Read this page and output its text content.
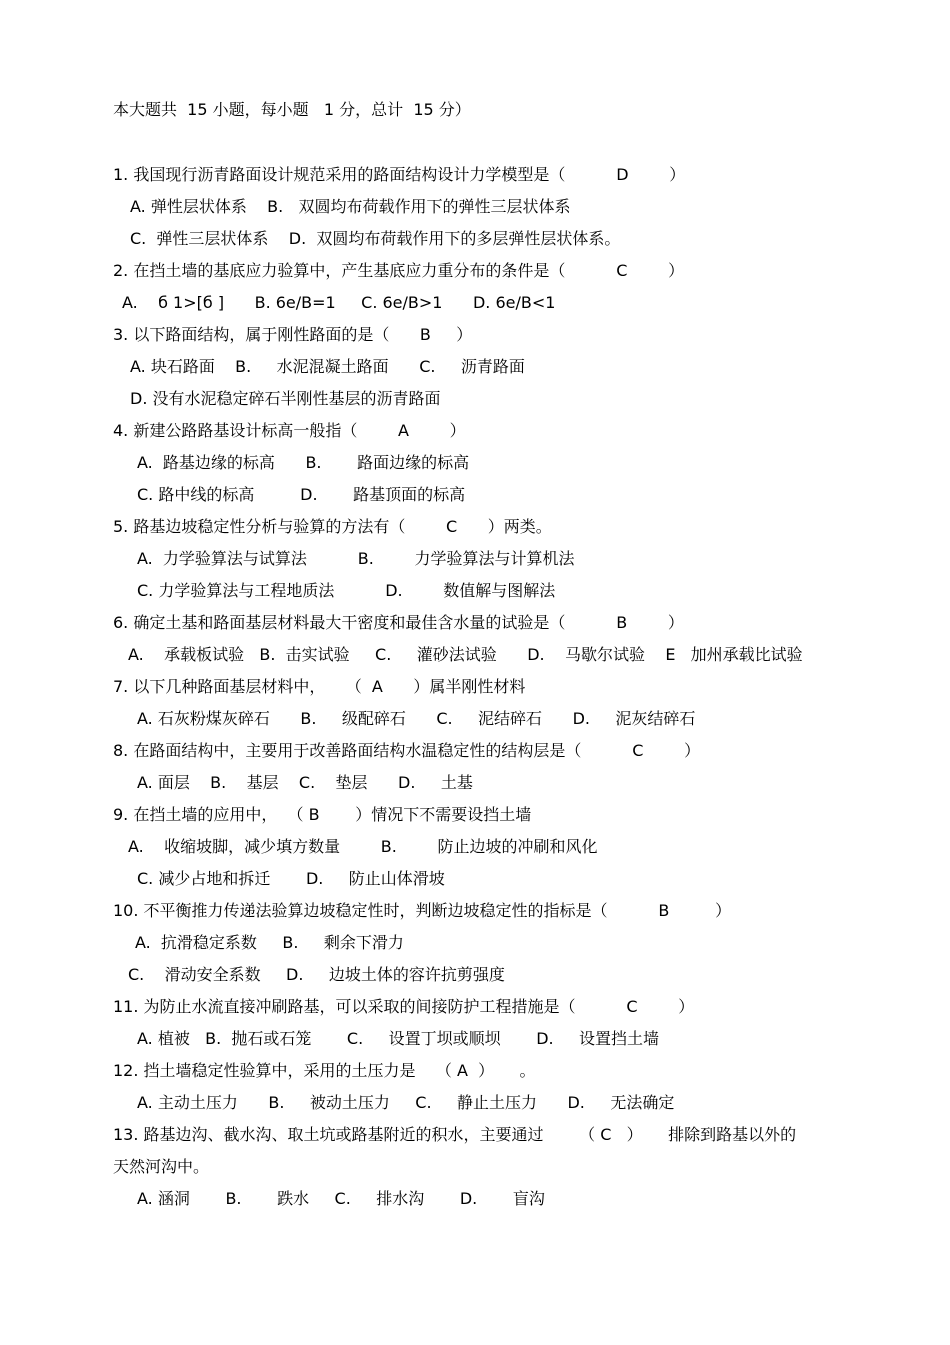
本大题共  15 小题，每小题   1 分，总计  15 分）

1. 我国现行沥青路面设计规范采用的路面结构设计力学模型是（          D        ）

A. 弹性层状体系    B.   双圆均布荷载作用下的弹性三层状体系

C.  弹性三层状体系    D.  双圆均布荷载作用下的多层弹性层状体系。

2. 在挡土墙的基底应力验算中，产生基底应力重分布的条件是（          C        ）

A.    б 1>[б ]      B. 6e/B=1     C. 6e/B>1      D. 6e/B<1

3. 以下路面结构，属于刚性路面的是（      B     ）

A. 块石路面    B.     水泥混凝土路面      C.     沥青路面

D. 没有水泥稳定碎石半刚性基层的沥青路面

4. 新建公路路基设计标高一般指（        A        ）

A.  路基边缘的标高      B.       路面边缘的标高

C. 路中线的标高         D.       路基顶面的标高

5. 路基边坡稳定性分析与验算的方法有（        C      ）两类。

A.  力学验算法与试算法          B.        力学验算法与计算机法

C. 力学验算法与工程地质法          D.        数值解与图解法

6. 确定土基和路面基层材料最大干密度和最佳含水量的试验是（          B        ）

A.    承载板试验   B.  击实试验     C.     灌砂法试验      D.    马歇尔试验    E   加州承载比试验

7. 以下几种路面基层材料中，    （  A      ）属半刚性材料

A. 石灰粉煤灰碎石      B.     级配碎石      C.     泥结碎石      D.     泥灰结碎石

8. 在路面结构中，主要用于改善路面结构水温稳定性的结构层是（          C        ）

A. 面层    B.    基层    C.    垫层      D.     土基

9. 在挡土墙的应用中，  （ B       ）情况下不需要设挡土墙

A.    收缩坡脚，减少填方数量        B.        防止边坡的冲刷和风化

C. 减少占地和拆迁       D.     防止山体滑坡

10. 不平衡推力传递法验算边坡稳定性时，判断边坡稳定性的指标是（          B         ）

A.  抗滑稳定系数     B.     剩余下滑力

C.    滑动安全系数     D.     边坡土体的容许抗剪强度

11. 为防止水流直接冲刷路基，可以采取的间接防护工程措施是（          C        ）

A. 植被   B.  抛石或石笼       C.     设置丁坝或顺坝       D.     设置挡土墙

12. 挡土墙稳定性验算中，采用的土压力是    （ A  ）     。

A. 主动土压力      B.     被动土压力     C.     静止土压力      D.     无法确定

13. 路基边沟、截水沟、取土坑或路基附近的积水，主要通过       （ C   ）     排除到路基以外的

天然河沟中。

A. 涵洞       B.       跌水     C.     排水沟       D.       盲沟
